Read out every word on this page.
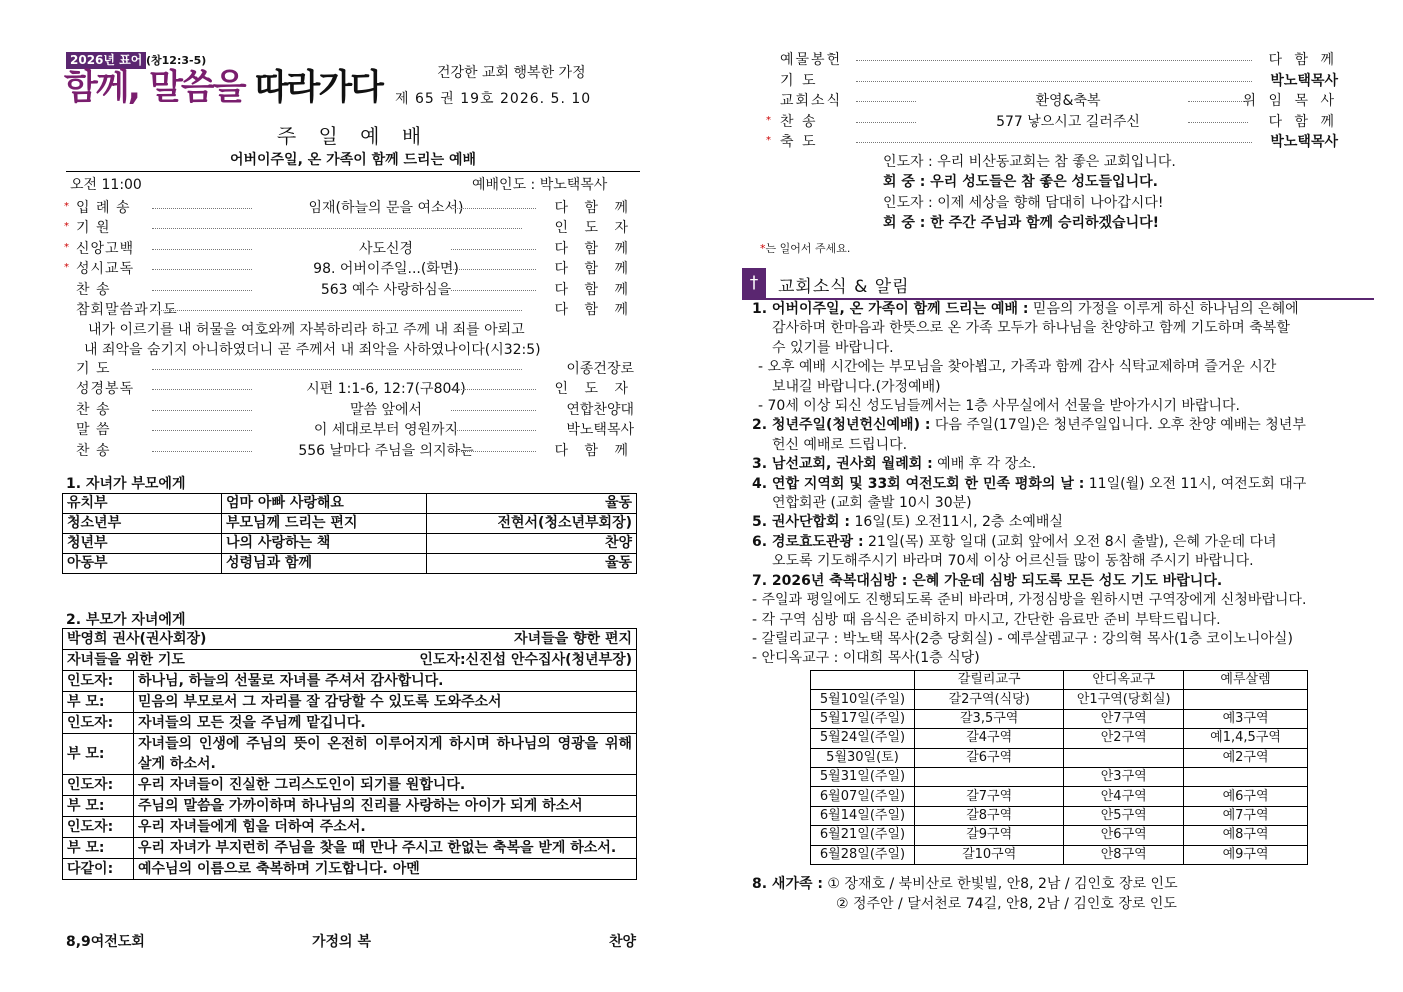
2026년 표어 (창12:3-5)
함께, 말씀을 따라가다	건강한 교회 행복한 가정
제 65 권 19호 2026. 5. 10
주 일 예 배
어버이주일, 온 가족이 함께 드리는 예배
오전 11:00	예배인도 : 박노택목사
* 입 례 송	임재(하늘의 문을 여소서)	다 함 께
* 기 원	인 도 자
* 신앙고백	사도신경	다 함 께
* 성시교독	98. 어버이주일...(화면)	다 함 께
찬 송	563 예수 사랑하심을	다 함 께
참회말씀과기도	다 함 께
내가 이르기를 내 허물을 여호와께 자복하리라 하고 주께 내 죄를 아뢰고
내 죄악을 숨기지 아니하였더니 곧 주께서 내 죄악을 사하였나이다(시32:5)
기 도	이종건장로
성경봉독	시편 1:1-6, 12:7(구804)	인 도 자
찬 송	말씀 앞에서	연합찬양대
말 씀	이 세대로부터 영원까지	박노택목사
찬 송	556 날마다 주님을 의지하는	다 함 께
1. 자녀가 부모에게
유치부	엄마 아빠 사랑해요	율동
청소년부	부모님께 드리는 편지	전현서(청소년부회장)
청년부	나의 사랑하는 책	찬양
아동부	성령님과 함께	율동
2. 부모가 자녀에게
박영희 권사(권사회장) 자녀들을 향한 편지	

자녀들을 위한 기도 인도자:신진섭 안수집사(청년부장)	

인도자:	하나님, 하늘의 선물로 자녀를 주셔서 감사합니다.
부 모:	믿음의 부모로서 그 자리를 잘 감당할 수 있도록 도와주소서
인도자:	자녀들의 모든 것을 주님께 맡깁니다.
부 모:	자녀들의 인생에 주님의 뜻이 온전히 이루어지게 하시며 하나님의 영광을 위해 살게 하소서.
인도자:	우리 자녀들이 진실한 그리스도인이 되기를 원합니다.
부 모:	주님의 말씀을 가까이하며 하나님의 진리를 사랑하는 아이가 되게 하소서
인도자:	우리 자녀들에게 힘을 더하여 주소서.
부 모:	우리 자녀가 부지런히 주님을 찾을 때 만나 주시고 한없는 축복을 받게 하소서.
다같이:	예수님의 이름으로 축복하며 기도합니다. 아멘
8,9여전도회	가정의 복	찬양
예물봉헌	다 함 께
기 도	박노택목사
교회소식	환영&축복	위 임 목 사
* 찬 송	577 낳으시고 길러주신	다 함 께
* 축 도	박노택목사
인도자 : 우리 비산동교회는 참 좋은 교회입니다.
회 중 : 우리 성도들은 참 좋은 성도들입니다.
인도자 : 이제 세상을 향해 담대히 나아갑시다!
회 중 : 한 주간 주님과 함께 승리하겠습니다!
*는 일어서 주세요.
†	교회소식 & 알림

1. 어버이주일, 온 가족이 함께 드리는 예배 : 믿음의 가정을 이루게 하신 하나님의 은혜에

감사하며 한마음과 한뜻으로 온 가족 모두가 하나님을 찬양하고 함께 기도하며 축복할

수 있기를 바랍니다.

- 오후 예배 시간에는 부모님을 찾아뵙고, 가족과 함께 감사 식탁교제하며 즐거운 시간

보내길 바랍니다.(가정예배)

- 70세 이상 되신 성도님들께서는 1층 사무실에서 선물을 받아가시기 바랍니다.

2. 청년주일(청년헌신예배) : 다음 주일(17일)은 청년주일입니다. 오후 찬양 예배는 청년부

헌신 예배로 드립니다.

3. 남선교회, 권사회 월례회 : 예배 후 각 장소.

4. 연합 지역회 및 33회 여전도회 한 민족 평화의 날 : 11일(월) 오전 11시, 여전도회 대구

연합회관 (교회 출발 10시 30분)

5. 권사단합회 : 16일(토) 오전11시, 2층 소예배실

6. 경로효도관광 : 21일(목) 포항 일대 (교회 앞에서 오전 8시 출발), 은혜 가운데 다녀

오도록 기도해주시기 바라며 70세 이상 어르신들 많이 동참해 주시기 바랍니다.

7. 2026년 축복대심방 : 은혜 가운데 심방 되도록 모든 성도 기도 바랍니다.

- 주일과 평일에도 진행되도록 준비 바라며, 가정심방을 원하시면 구역장에게 신청바랍니다.

- 각 구역 심방 때 음식은 준비하지 마시고, 간단한 음료만 준비 부탁드립니다.

- 갈릴리교구 : 박노택 목사(2층 당회실) - 예루살렘교구 : 강의혁 목사(1층 코이노니아실)

- 안디옥교구 : 이대희 목사(1층 식당)

	갈릴리교구	안디옥교구	예루살렘
5월10일(주일)	갈2구역(식당)	안1구역(당회실)	
5월17일(주일)	갈3,5구역	안7구역	예3구역
5월24일(주일)	갈4구역	안2구역	예1,4,5구역
5월30일(토)	갈6구역		예2구역
5월31일(주일)		안3구역	
6월07일(주일)	갈7구역	안4구역	예6구역
6월14일(주일)	갈8구역	안5구역	예7구역
6월21일(주일)	갈9구역	안6구역	예8구역
6월28일(주일)	갈10구역	안8구역	예9구역
8. 새가족 : ① 장재호 / 북비산로 한빛빌, 안8, 2남 / 김인호 장로 인도
② 정주안 / 달서천로 74길, 안8, 2남 / 김인호 장로 인도
